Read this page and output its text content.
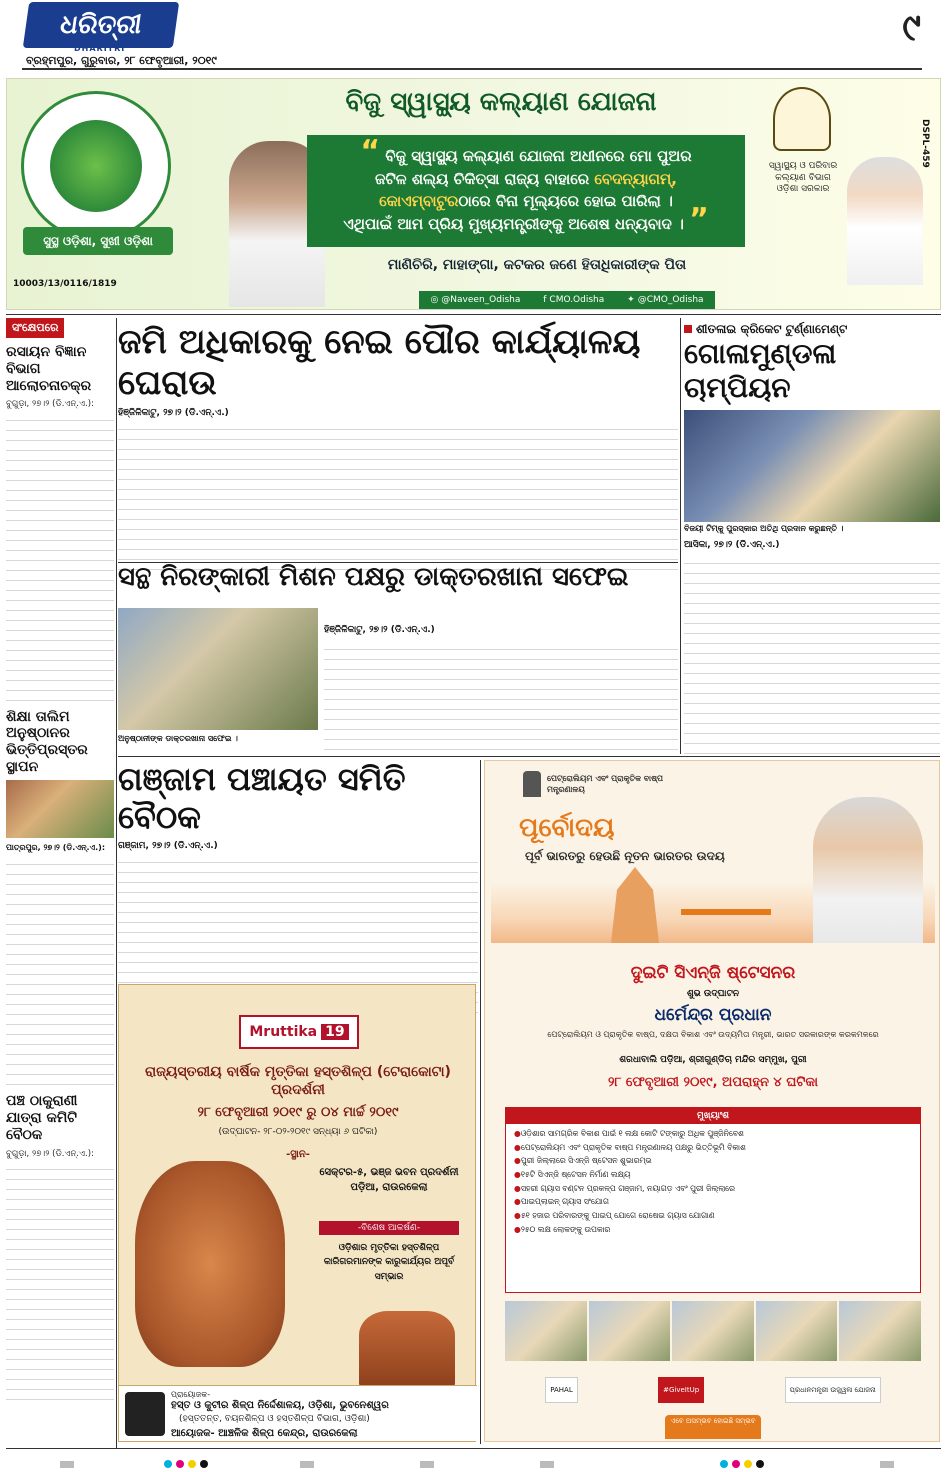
ଧରିତ୍ରୀ
DHARITRI
ବ୍ରହ୍ମପୁର, ଗୁରୁବାର, ୨୮ ଫେବୃଆରୀ, ୨୦୧୯
୯
ସୁସ୍ଥ ଓଡ଼ିଶା, ସୁଖୀ ଓଡ଼ିଶା
10003/13/0116/1819
ବିଜୁ ସ୍ୱାସ୍ଥ୍ୟ କଲ୍ୟାଣ ଯୋଜନା
“ ବିଜୁ ସ୍ୱାସ୍ଥ୍ୟ କଲ୍ୟାଣ ଯୋଜନା ଅଧୀନରେ ମୋ ପୁଅର
ଜଟିଳ ଶଲ୍ୟ ଚିକିତ୍ସା ରାଜ୍ୟ ବାହାରେ ବେଦନ୍ୟାଗମ୍,
କୋଏମ୍ବାଟୁରଠାରେ ବିନା ମୂଲ୍ୟରେ ହୋଇ ପାରିଲା ।
ଏଥିପାଇଁ ଆମ ପ୍ରିୟ ମୁଖ୍ୟମନ୍ତ୍ରୀଙ୍କୁ ଅଶେଷ ଧନ୍ୟବାଦ । ”
ମାଣିଚିରି, ମାହାଙ୍ଗା, କଟକର ଜଣେ ହିତାଧିକାରୀଙ୍କ ପିତା
◎ @Naveen_Odisha	f CMO.Odisha	✦ @CMO_Odisha
ସ୍ୱାସ୍ଥ୍ୟ ଓ ପରିବାର କଲ୍ୟାଣ ବିଭାଗ ଓଡ଼ିଶା ସରକାର
DSPL-459
ସଂକ୍ଷେପରେ
ରସାୟନ ବିଜ୍ଞାନ ବିଭାଗ ଆଲୋଚନାଚକ୍ର
ବୁଗୁଡ଼ା, ୨୭।୨ (ଡି.ଏନ୍.ଏ.):
ଶିକ୍ଷା ତାଲିମ ଅନୁଷ୍ଠାନର ଭିତ୍ତିପ୍ରସ୍ତର ସ୍ଥାପନ
ପାତ୍ରପୁର, ୨୭।୨ (ଡି.ଏନ୍.ଏ.):
ପଞ୍ଚ ଠାକୁରାଣୀ ଯାତ୍ରା କମିଟି ବୈଠକ
ବୁଗୁଡ଼ା, ୨୭।୨ (ଡି.ଏନ୍.ଏ.):
ଜମି ଅଧିକାରକୁ ନେଇ ପୌର କାର୍ଯ୍ୟାଳୟ ଘେରାଉ
ହିଞ୍ଜିଳିକାଟୁ, ୨୭।୨ (ଡି.ଏନ୍.ଏ.)
ସନ୍ଥ ନିରଙ୍କାରୀ ମିଶନ ପକ୍ଷରୁ ଡାକ୍ତରଖାନା ସଫେଇ
ଅନୁଷ୍ଠାନୀଙ୍କ ଡାକ୍ତରଖାନା ସଫେଇ ।
ହିଞ୍ଜିଳିକାଟୁ, ୨୭।୨ (ଡି.ଏନ୍.ଏ.)
ଶୀତଳାଇ କ୍ରିକେଟ ଟୁର୍ଣ୍ଣାମେଣ୍ଟ
ଗୋଳାମୁଣ୍ଡଳା ଚାମ୍ପିୟନ
ବିଜୟୀ ଟିମ୍‌କୁ ପୁରସ୍କାର ଅତିଥି ପ୍ରଦାନ କରୁଛନ୍ତି ।
ଆସିକା, ୨୭।୨ (ଡି.ଏନ୍.ଏ.)
ଗଞ୍ଜାମ ପଞ୍ଚାୟତ ସମିତି ବୈଠକ
ଗଞ୍ଜାମ, ୨୭।୨ (ଡି.ଏନ୍.ଏ.)
Mruttika 19
ରାଜ୍ୟସ୍ତରୀୟ ବାର୍ଷିକ ମୃତ୍ତିକା ହସ୍ତଶିଳ୍ପ (ଟେରାକୋଟା) ପ୍ରଦର୍ଶନୀ
୨୮ ଫେବୃଆରୀ ୨୦୧୯ ରୁ ୦୪ ମାର୍ଚ୍ଚ ୨୦୧୯
(ଉଦ୍‌ଘାଟନ- ୨୮-୦୨-୨୦୧୯ ସନ୍ଧ୍ୟା ୬ ଘଟିକା)
-ସ୍ଥାନ-
ସେକ୍ଟର-୫, ଭଞ୍ଜ ଭବନ ପ୍ରଦର୍ଶନୀ ପଡ଼ିଆ, ରାଉରକେଲା
-ବିଶେଷ ଆକର୍ଷଣ-
ଓଡ଼ିଶାର ମୃତ୍ତିକା ହସ୍ତଶିଳ୍ପ କାରିଗରମାନଙ୍କ କାରୁକାର୍ଯ୍ୟର ଅପୂର୍ବ ସମ୍ଭାର
ପ୍ରାୟୋଜକ-
ହସ୍ତ ଓ କୁଟୀର ଶିଳ୍ପ ନିର୍ଦ୍ଦେଶାଳୟ, ଓଡ଼ିଶା, ଭୁବନେଶ୍ୱର
(ହସ୍ତତନ୍ତ, ବୟନଶିଳ୍ପ ଓ ହସ୍ତଶିଳ୍ପ ବିଭାଗ, ଓଡ଼ିଶା)
ଆୟୋଜକ- ଆଞ୍ଚଳିକ ଶିଳ୍ପ କେନ୍ଦ୍ର, ରାଉରକେଲା
ପେଟ୍ରୋଲିୟମ ଏବଂ ପ୍ରାକୃତିକ ବାଷ୍ପ ମନ୍ତ୍ରଣାଳୟ
ପୂର୍ବୋଦୟ
ପୂର୍ବ ଭାରତରୁ ହେଉଛି ନୂତନ ଭାରତର ଉଦୟ
ଦୁଇଟି ସିଏନ୍‌ଜି ଷ୍ଟେସନର
ଶୁଭ ଉଦ୍‌ଘାଟନ
ଧର୍ମେନ୍ଦ୍ର ପ୍ରଧାନ
ପେଟ୍ରୋଲିୟମ ଓ ପ୍ରାକୃତିକ ବାଷ୍ପ, ଦକ୍ଷତା ବିକାଶ ଏବଂ ଉଦ୍ୟମିତା ମନ୍ତ୍ରୀ, ଭାରତ ସରକାରଙ୍କ କରକମଳରେ
ଶରଧାବାଲି ପଡ଼ିଆ, ଶ୍ରୀଗୁଣ୍ଡିଚା ମନ୍ଦିର ସମ୍ମୁଖ, ପୁରୀ
୨୮ ଫେବୃଆରୀ ୨୦୧୯, ଅପରାହ୍ନ ୪ ଘଟିକା
ମୁଖ୍ୟାଂଶ
● ଓଡ଼ିଶାର ସାମଗ୍ରିକ ବିକାଶ ପାଇଁ ୧ ଲକ୍ଷ କୋଟି ଟଙ୍କାରୁ ଅଧିକ ପୁଞ୍ଜିନିବେଶ
● ପେଟ୍ରୋଲିୟମ ଏବଂ ପ୍ରାକୃତିକ ବାଷ୍ପ ମନ୍ତ୍ରଣାଳୟ ପକ୍ଷରୁ ଭିତ୍ତିଭୂମି ବିକାଶ
● ପୁରୀ ଜିଲ୍ଲାରେ ସିଏନ୍‌ଜି ଷ୍ଟେସନ ଶୁଭାରମ୍ଭ
● ୧୫ଟି ସିଏନ୍‌ଜି ଷ୍ଟେସନ ନିର୍ମାଣ ଲକ୍ଷ୍ୟ
● ସହରୀ ଗ୍ୟାସ ବଣ୍ଟନ ପ୍ରକଳ୍ପ ଗଞ୍ଜାମ, ନୟାଗଡ଼ ଏବଂ ପୁରୀ ଜିଲ୍ଲାରେ
● ପାଇପ୍‌ଲାଇନ୍ ଗ୍ୟାସ ସଂଯୋଗ
● ୫୧ ହଜାର ପରିବାରଙ୍କୁ ପାଇପ୍ ଯୋଗେ ରୋଷେଇ ଗ୍ୟାସ ଯୋଗାଣ
● ୨୫୦ ଲକ୍ଷ ଲୋକଙ୍କୁ ଉପକାର
PAHAL	#GiveItUp	ପ୍ରଧାନମନ୍ତ୍ରୀ ଉଜ୍ଜ୍ୱଳା ଯୋଜନା
ଏବେ ଅସମ୍ଭବ ହୋଇଛି ସମ୍ଭବ
